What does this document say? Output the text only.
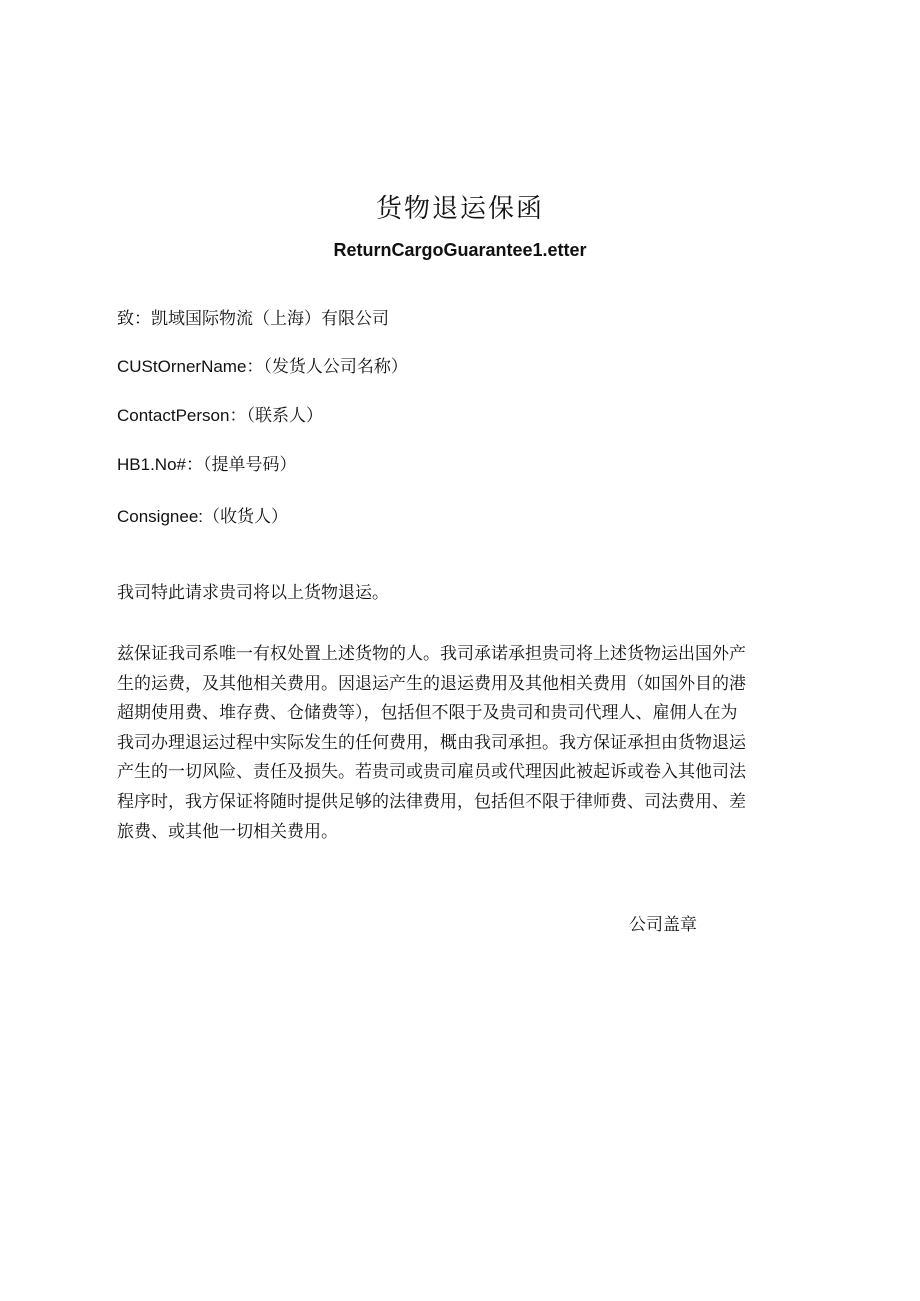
货物退运保函
ReturnCargoGuarantee1.etter
致：凯域国际物流（上海）有限公司
CUStOrnerName：（发货人公司名称）
ContactPerson：（联系人）
HB1.No#：（提单号码）
Consignee:（收货人）
我司特此请求贵司将以上货物退运。
兹保证我司系唯一有权处置上述货物的人。我司承诺承担贵司将上述货物运出国外产
生的运费，及其他相关费用。因退运产生的退运费用及其他相关费用（如国外目的港
超期使用费、堆存费、仓储费等），包括但不限于及贵司和贵司代理人、雇佣人在为
我司办理退运过程中实际发生的任何费用，概由我司承担。我方保证承担由货物退运
产生的一切风险、责任及损失。若贵司或贵司雇员或代理因此被起诉或卷入其他司法
程序时，我方保证将随时提供足够的法律费用，包括但不限于律师费、司法费用、差
旅费、或其他一切相关费用。
公司盖章
